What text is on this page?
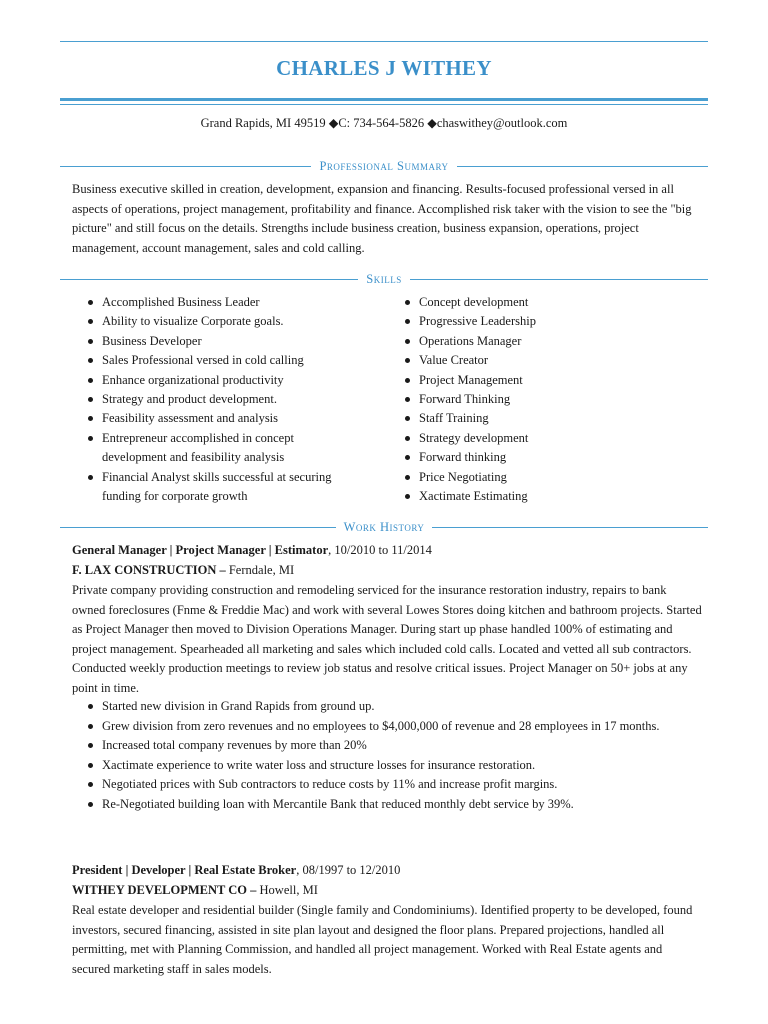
CHARLES J WITHEY
Grand Rapids, MI 49519 ◆C: 734-564-5826 ◆chaswithey@outlook.com
Professional Summary
Business executive skilled in creation, development, expansion and financing. Results-focused professional versed in all aspects of operations, project management, profitability and finance. Accomplished risk taker with the vision to see the "big picture" and still focus on the details. Strengths include business creation, business expansion, operations, project management, account management, sales and cold calling.
Skills
Accomplished Business Leader
Ability to visualize Corporate goals.
Business Developer
Sales Professional versed in cold calling
Enhance organizational productivity
Strategy and product development.
Feasibility assessment and analysis
Entrepreneur accomplished in concept development and feasibility analysis
Financial Analyst skills successful at securing funding for corporate growth
Concept development
Progressive Leadership
Operations Manager
Value Creator
Project Management
Forward Thinking
Staff Training
Strategy development
Forward thinking
Price Negotiating
Xactimate Estimating
Work History
General Manager | Project Manager | Estimator, 10/2010 to 11/2014
F. LAX CONSTRUCTION – Ferndale, MI
Private company providing construction and remodeling serviced for the insurance restoration industry, repairs to bank owned foreclosures (Fnme & Freddie Mac) and work with several Lowes Stores doing kitchen and bathroom projects. Started as Project Manager then moved to Division Operations Manager. During start up phase handled 100% of estimating and project management. Spearheaded all marketing and sales which included cold calls. Located and vetted all sub contractors. Conducted weekly production meetings to review job status and resolve critical issues. Project Manager on 50+ jobs at any point in time.
Started new division in Grand Rapids from ground up.
Grew division from zero revenues and no employees to $4,000,000 of revenue and 28 employees in 17 months.
Increased total company revenues by more than 20%
Xactimate experience to write water loss and structure losses for insurance restoration.
Negotiated prices with Sub contractors to reduce costs by 11% and increase profit margins.
Re-Negotiated building loan with Mercantile Bank that reduced monthly debt service by 39%.
President | Developer | Real Estate Broker, 08/1997 to 12/2010
WITHEY DEVELOPMENT CO – Howell, MI
Real estate developer and residential builder (Single family and Condominiums). Identified property to be developed, found investors, secured financing, assisted in site plan layout and designed the floor plans. Prepared projections, handled all permitting, met with Planning Commission, and handled all project management. Worked with Real Estate agents and secured marketing staff in sales models.
